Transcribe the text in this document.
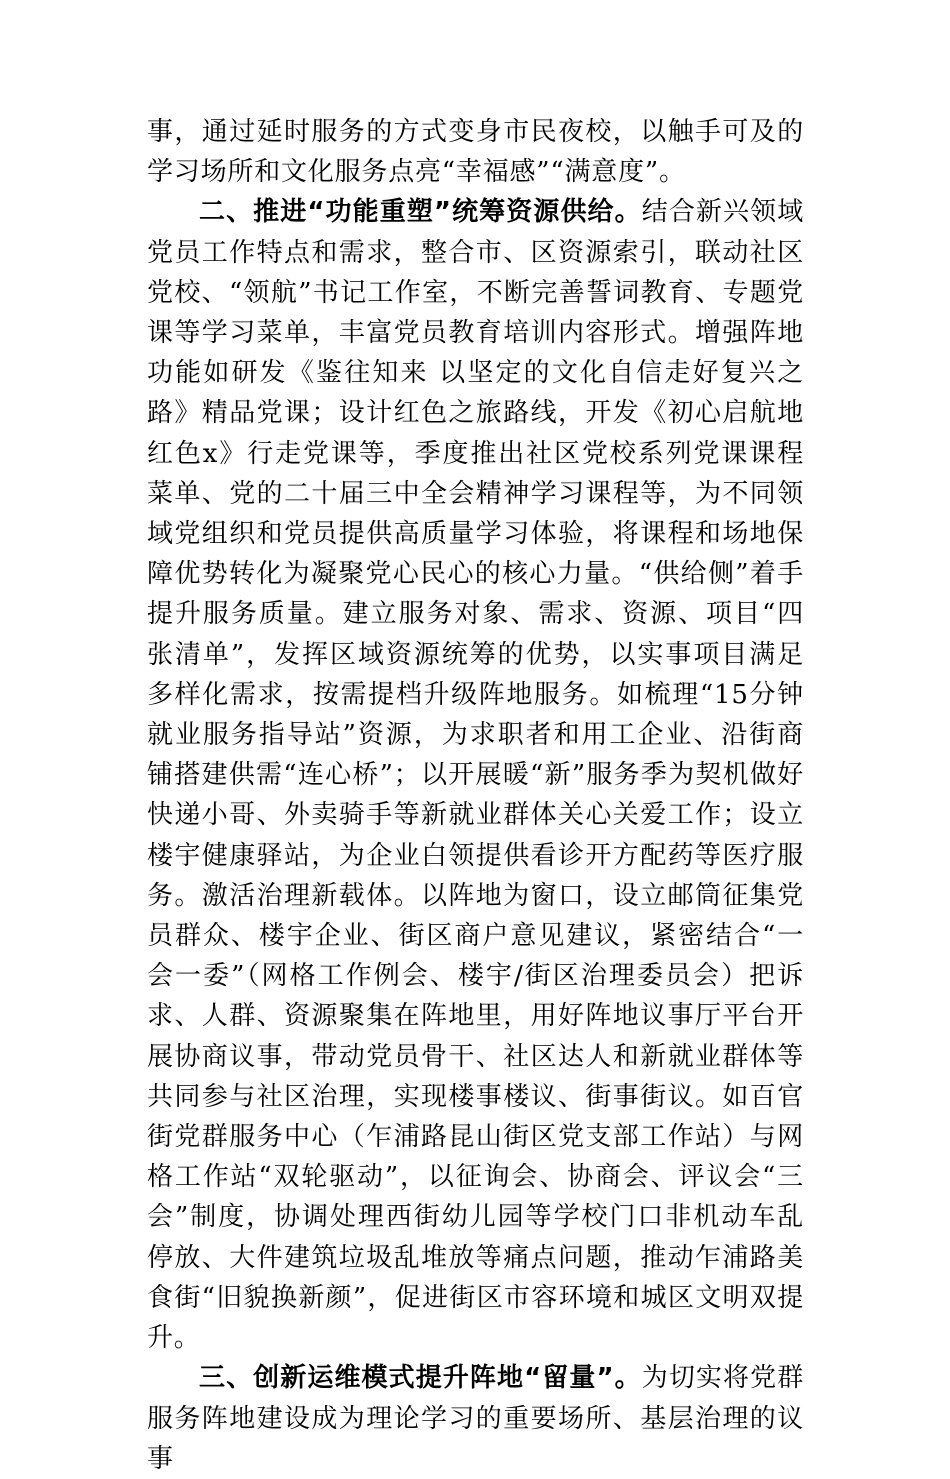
事，通过延时服务的方式变身市民夜校，以触手可及的学习场所和文化服务点亮“幸福感”“满意度”。

二、推进“功能重塑”统筹资源供给。结合新兴领域党员工作特点和需求，整合市、区资源索引，联动社区党校、“领航”书记工作室，不断完善誓词教育、专题党课等学习菜单，丰富党员教育培训内容形式。增强阵地功能如研发《鉴往知来 以坚定的文化自信走好复兴之路》精品党课；设计红色之旅路线，开发《初心启航地 红色x》行走党课等，季度推出社区党校系列党课课程菜单、党的二十届三中全会精神学习课程等，为不同领域党组织和党员提供高质量学习体验，将课程和场地保障优势转化为凝聚党心民心的核心力量。“供给侧”着手提升服务质量。建立服务对象、需求、资源、项目“四张清单”，发挥区域资源统筹的优势，以实事项目满足多样化需求，按需提档升级阵地服务。如梳理“15分钟就业服务指导站”资源，为求职者和用工企业、沿街商铺搭建供需“连心桥”；以开展暖“新”服务季为契机做好快递小哥、外卖骑手等新就业群体关心关爱工作；设立楼宇健康驿站，为企业白领提供看诊开方配药等医疗服务。激活治理新载体。以阵地为窗口，设立邮筒征集党员群众、楼宇企业、街区商户意见建议，紧密结合“一会一委”（网格工作例会、楼宇/街区治理委员会）把诉求、人群、资源聚集在阵地里，用好阵地议事厅平台开展协商议事，带动党员骨干、社区达人和新就业群体等共同参与社区治理，实现楼事楼议、街事街议。如百官街党群服务中心（乍浦路昆山街区党支部工作站）与网格工作站“双轮驱动”，以征询会、协商会、评议会“三会”制度，协调处理西街幼儿园等学校门口非机动车乱停放、大件建筑垃圾乱堆放等痛点问题，推动乍浦路美食街“旧貌换新颜”，促进街区市容环境和城区文明双提升。

三、创新运维模式提升阵地“留量”。为切实将党群服务阵地建设成为理论学习的重要场所、基层治理的议事
